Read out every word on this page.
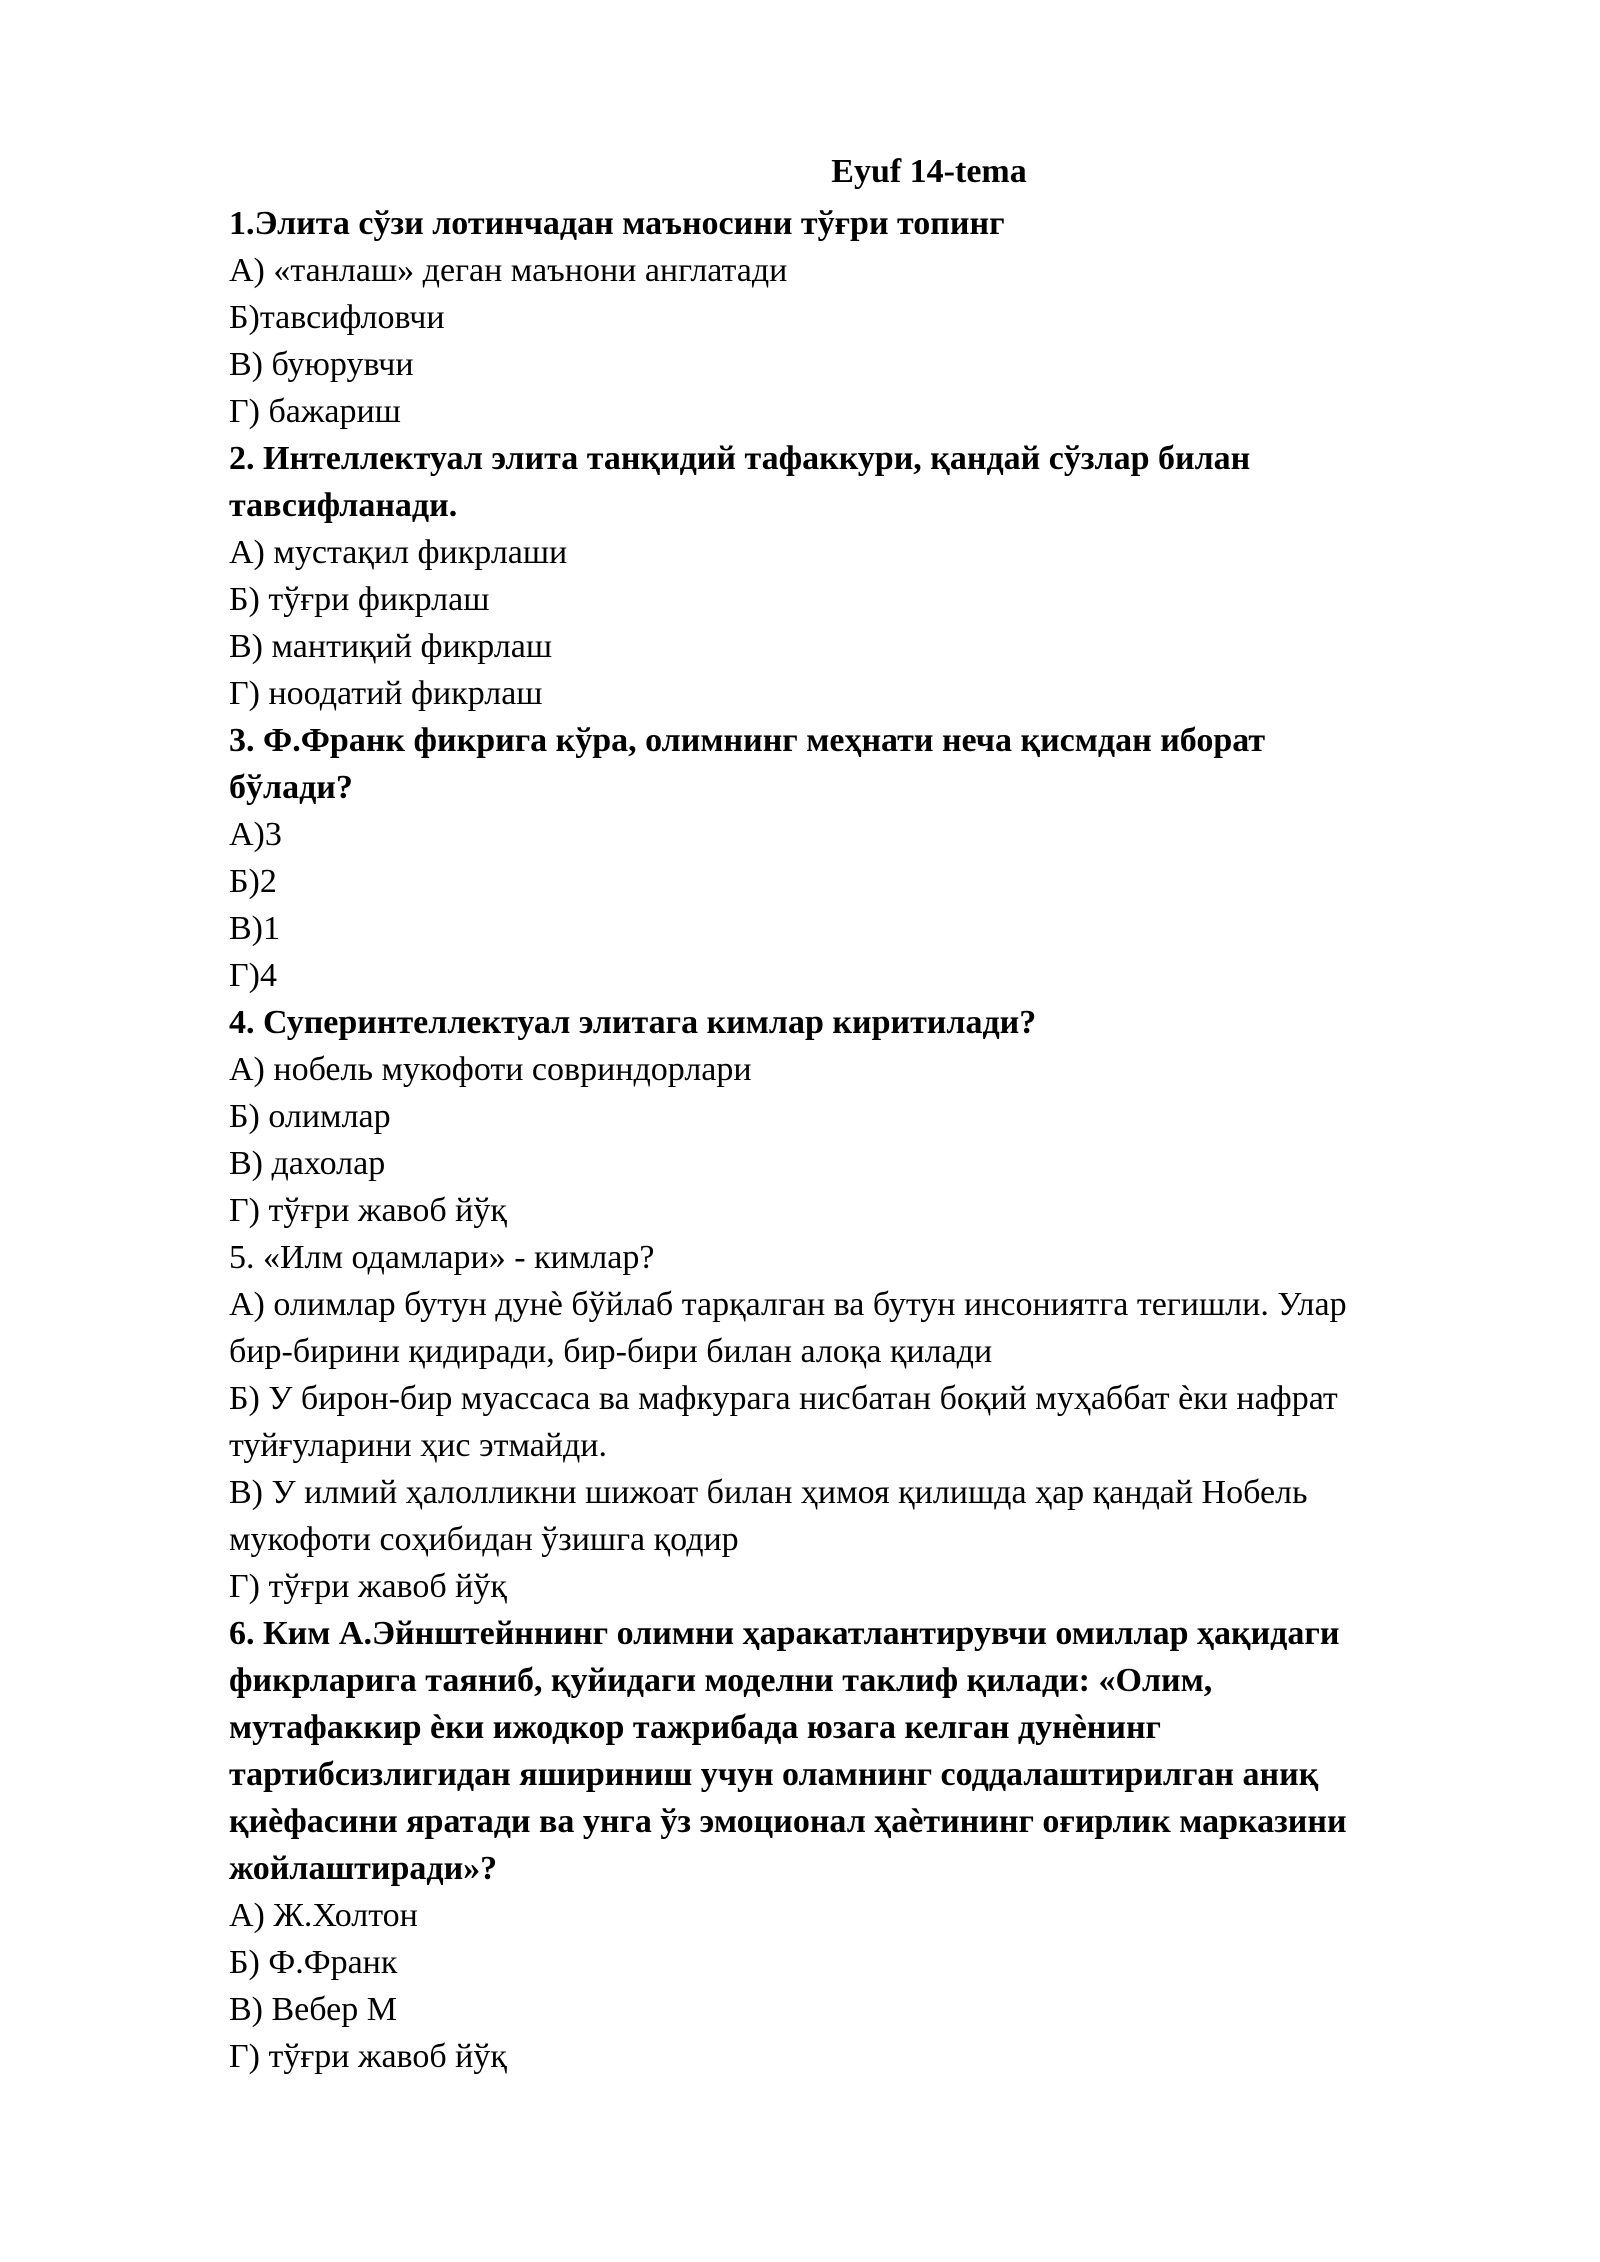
Eyuf 14-tema
1.Элита сўзи лотинчадан маъносини тўғри топинг
А) «танлаш» деган маънони англатади
Б)тавсифловчи
В) буюрувчи
Г) бажариш
2. Интеллектуал элита танқидий тафаккури, қандай сўзлар билан
тавсифланади.
А) мустақил фикрлаши
Б) тўғри фикрлаш
В) мантиқий фикрлаш
Г) ноодатий фикрлаш
3. Ф.Франк фикрига кўра, олимнинг меҳнати неча қисмдан иборат
бўлади?
А)3
Б)2
В)1
Г)4
4. Суперинтеллектуал элитага кимлар киритилади?
А) нобель мукофоти совриндорлари
Б) олимлар
В) дахолар
Г) тўғри жавоб йўқ
5. «Илм одамлари» - кимлар?
А) олимлар бутун дунѐ бўйлаб тарқалган ва бутун инсониятга тегишли. Улар
бир-бирини қидиради, бир-бири билан алоқа қилади
Б) У бирон-бир муассаса ва мафкурага нисбатан боқий муҳаббат ѐки нафрат
туйғуларини ҳис этмайди.
В) У илмий ҳалолликни шижоат билан ҳимоя қилишда ҳар қандай Нобель
мукофоти соҳибидан ўзишга қодир
Г) тўғри жавоб йўқ
6. Ким А.Эйнштейннинг олимни ҳаракатлантирувчи омиллар ҳақидаги
фикрларига таяниб, қуйидаги моделни таклиф қилади: «Олим,
мутафаккир ѐки ижодкор тажрибада юзага келган дунѐнинг
тартибсизлигидан яшириниш учун оламнинг соддалаштирилган аниқ
қиѐфасини яратади ва унга ўз эмоционал ҳаѐтининг оғирлик марказини
жойлаштиради»?
А) Ж.Холтон
Б) Ф.Франк
В) Вебер М
Г) тўғри жавоб йўқ
